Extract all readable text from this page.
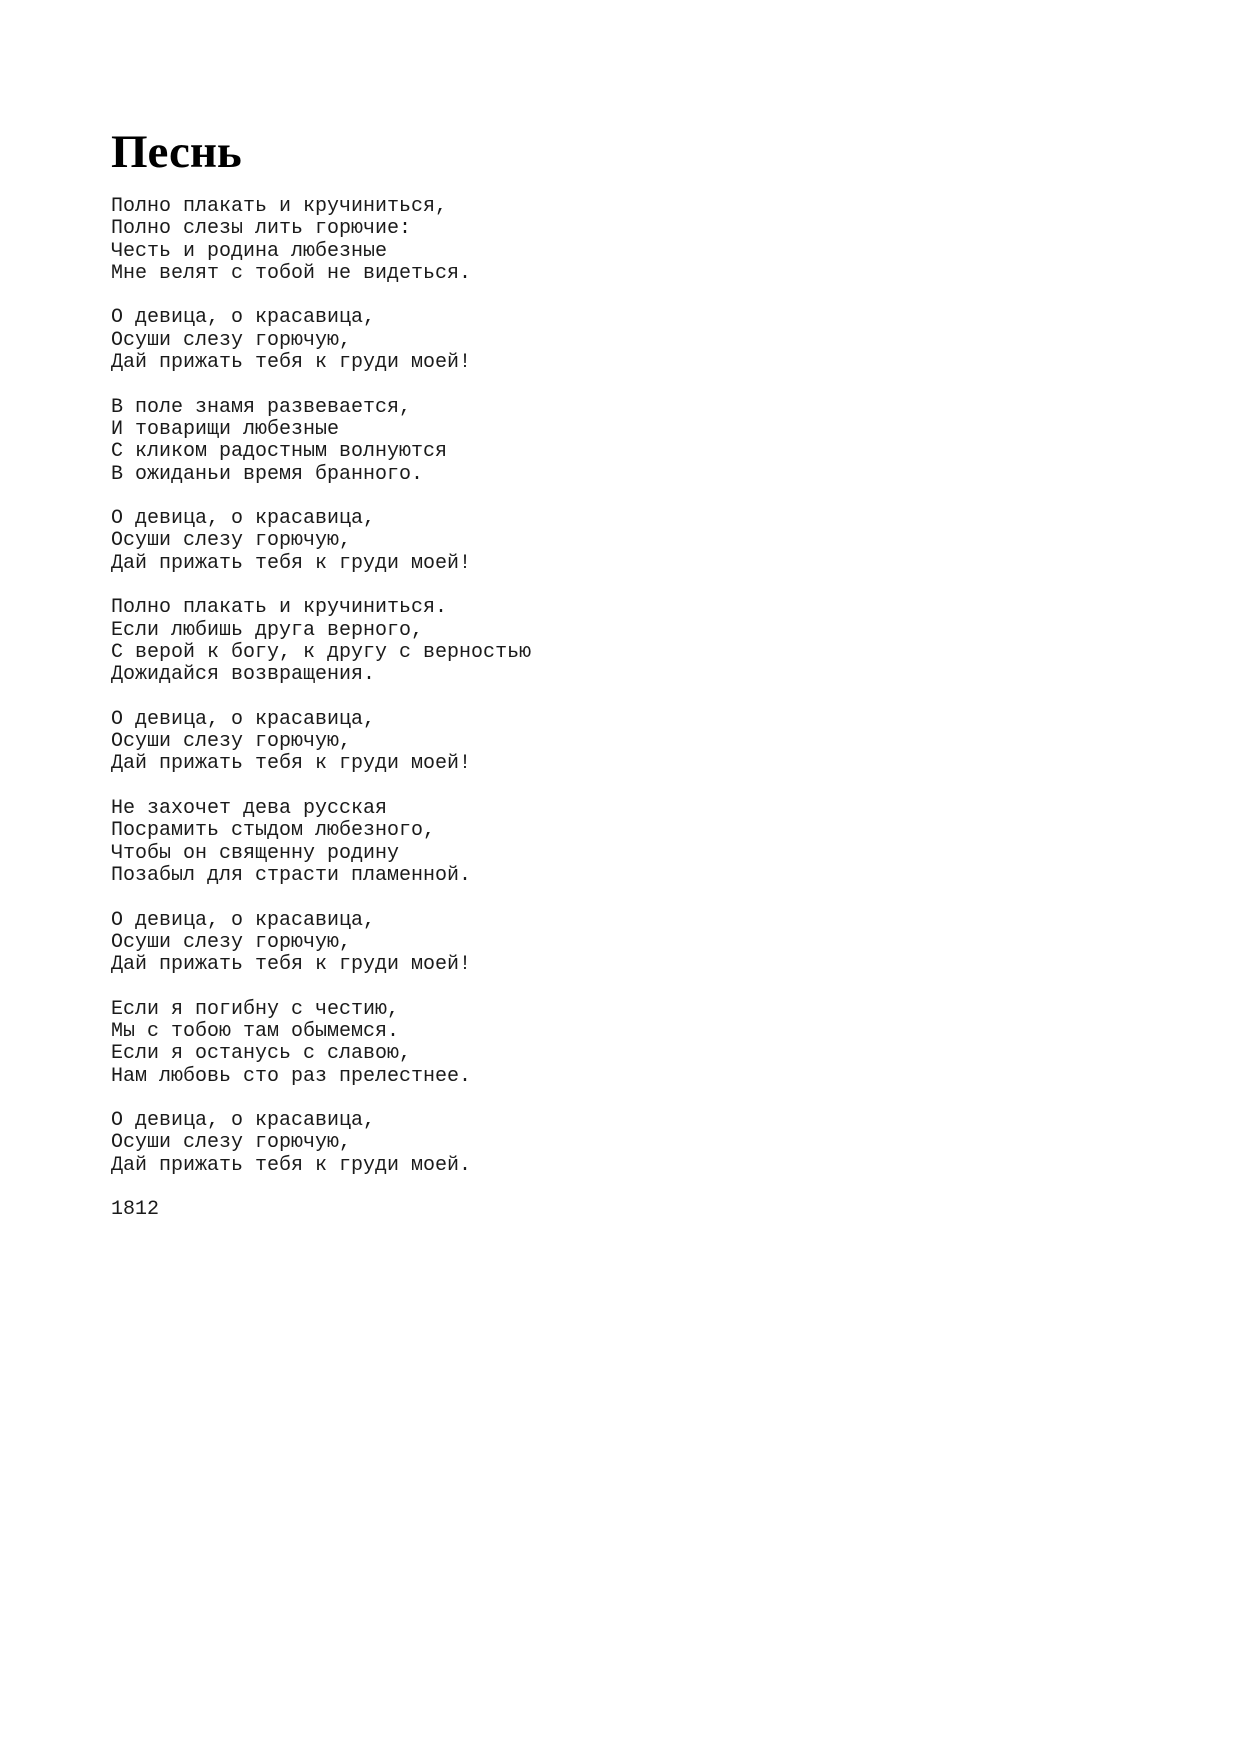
Песнь
Полно плакать и кручиниться,
Полно слезы лить горючие:
Честь и родина любезные
Мне велят с тобой не видеться.
О девица, о красавица,
Осуши слезу горючую,
Дай прижать тебя к груди моей!
В поле знамя развевается,
И товарищи любезные
С кликом радостным волнуются
В ожиданьи время бранного.
О девица, о красавица,
Осуши слезу горючую,
Дай прижать тебя к груди моей!
Полно плакать и кручиниться.
Если любишь друга верного,
С верой к богу, к другу с верностью
Дожидайся возвращения.
О девица, о красавица,
Осуши слезу горючую,
Дай прижать тебя к груди моей!
Не захочет дева русская
Посрамить стыдом любезного,
Чтобы он священну родину
Позабыл для страсти пламенной.
О девица, о красавица,
Осуши слезу горючую,
Дай прижать тебя к груди моей!
Если я погибну с честию,
Мы с тобою там обымемся.
Если я останусь с славою,
Нам любовь сто раз прелестнее.
О девица, о красавица,
Осуши слезу горючую,
Дай прижать тебя к груди моей.
1812
